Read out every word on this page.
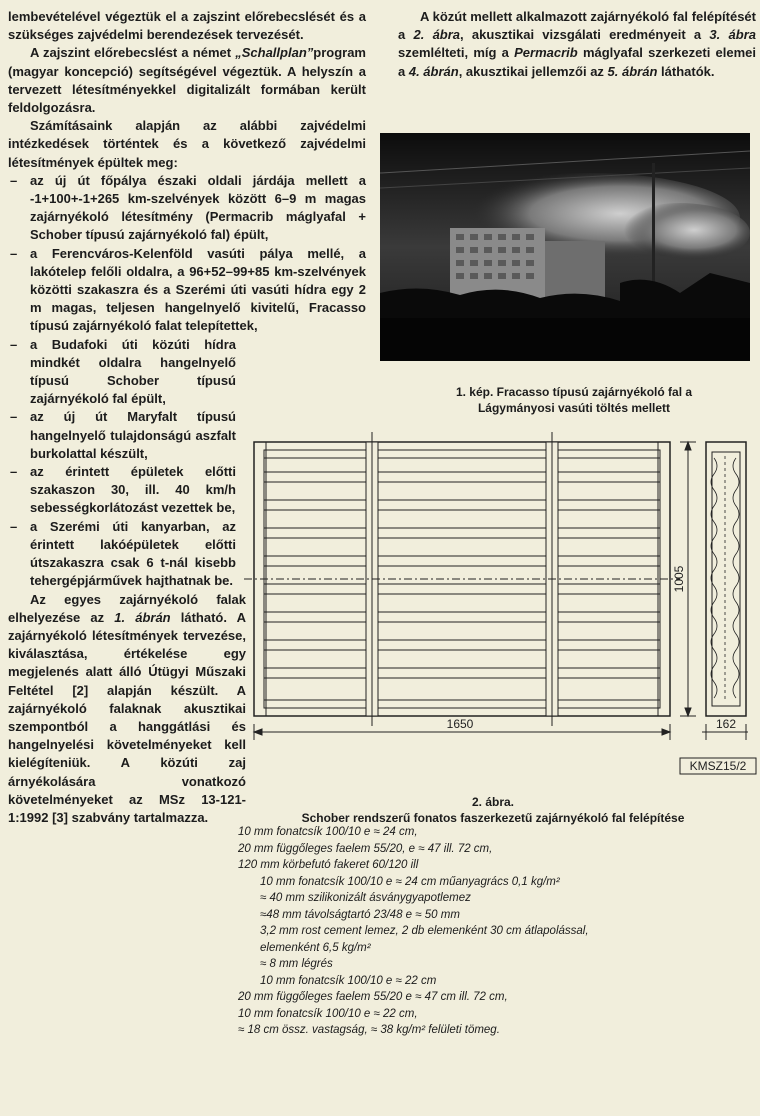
lembevételével végeztük el a zajszint előrebecslését és a szükséges zajvédelmi berendezések tervezését.

A zajszint előrebecslést a német „Schallplan”program (magyar koncepció) segítségével végeztük. A helyszín a tervezett létesítményekkel digitalizált formában került feldolgozásra.

Számításaink alapján az alábbi zajvédelmi intézkedések történtek és a következő zajvédelmi létesítmények épültek meg:

– az új út főpálya északi oldali járdája mellett a -1+100+-1+265 km-szelvények között 6–9 m magas zajárnyékoló létesítmény (Permacrib máglyafal + Schober típusú zajárnyékoló fal) épült,
– a Ferencváros-Kelenföld vasúti pálya mellé, a lakótelep felőli oldalra, a 96+52–99+85 km-szelvények közötti szakaszra és a Szerémi úti vasúti hídra egy 2 m magas, teljesen hangelnyelő kivitelű, Fracasso típusú zajárnyékoló falat telepítettek,
– a Budafoki úti közúti hídra mindkét oldalra hangelnyelő típusú Schober típusú zajárnyékoló fal épült,
– az új út Maryfalt típusú hangelnyelő tulajdonságú aszfalt burkolattal készült,
– az érintett épületek előtti szakaszon 30, ill. 40 km/h sebességkorlátozást vezettek be,
– a Szerémi úti kanyarban, az érintett lakóépületek előtti útszakaszra csak 6 t-nál kisebb tehergépjárművek hajthatnak be.

Az egyes zajárnyékoló falak elhelyezése az 1. ábrán látható. A zajárnyékoló létesítmények tervezése, kiválasztása, értékelése egy megjelenés alatt álló Útügyi Műszaki Feltétel [2] alapján készült. A zajárnyékoló falaknak akusztikai szempontból a hanggátlási és hangelnyelési követelményeket kell kielégíteniük. A közúti zaj árnyékolására vonatkozó követelményeket az MSz 13-121-1:1992 [3] szabvány tartalmazza.

A közút mellett alkalmazott zajárnyékoló fal felépítését a 2. ábra, akusztikai vizsgálati eredményeit a 3. ábra szemlélteti, míg a Permacrib máglyafal szerkezeti elemei a 4. ábrán, akusztikai jellemzői az 5. ábrán láthatók.

1. kép. Fracasso típusú zajárnyékoló fal a
Lágymányosi vasúti töltés mellett
1650
1005
162
KMSZ15/2
2. ábra.
Schober rendszerű fonatos faszerkezetű zajárnyékoló fal felépítése
10 mm fonatcsík 100/10 e ≈ 24 cm,
20 mm függőleges faelem 55/20, e ≈ 47 ill. 72 cm,
120 mm körbefutó fakeret 60/120 ill
10 mm fonatcsík 100/10 e ≈ 24 cm műanyagrács 0,1 kg/m²
≈ 40 mm szilikonizált ásványgyapotlemez
≈48 mm távolságtartó 23/48 e ≈ 50 mm
3,2 mm rost cement lemez, 2 db elemenként 30 cm átlapolással,
elemenként 6,5 kg/m²
≈ 8 mm légrés
10 mm fonatcsík 100/10 e ≈ 22 cm
20 mm függőleges faelem 55/20 e ≈ 47 cm ill. 72 cm,
10 mm fonatcsík 100/10 e ≈ 22 cm,
≈ 18 cm össz. vastagság, ≈ 38 kg/m² felületi tömeg.
